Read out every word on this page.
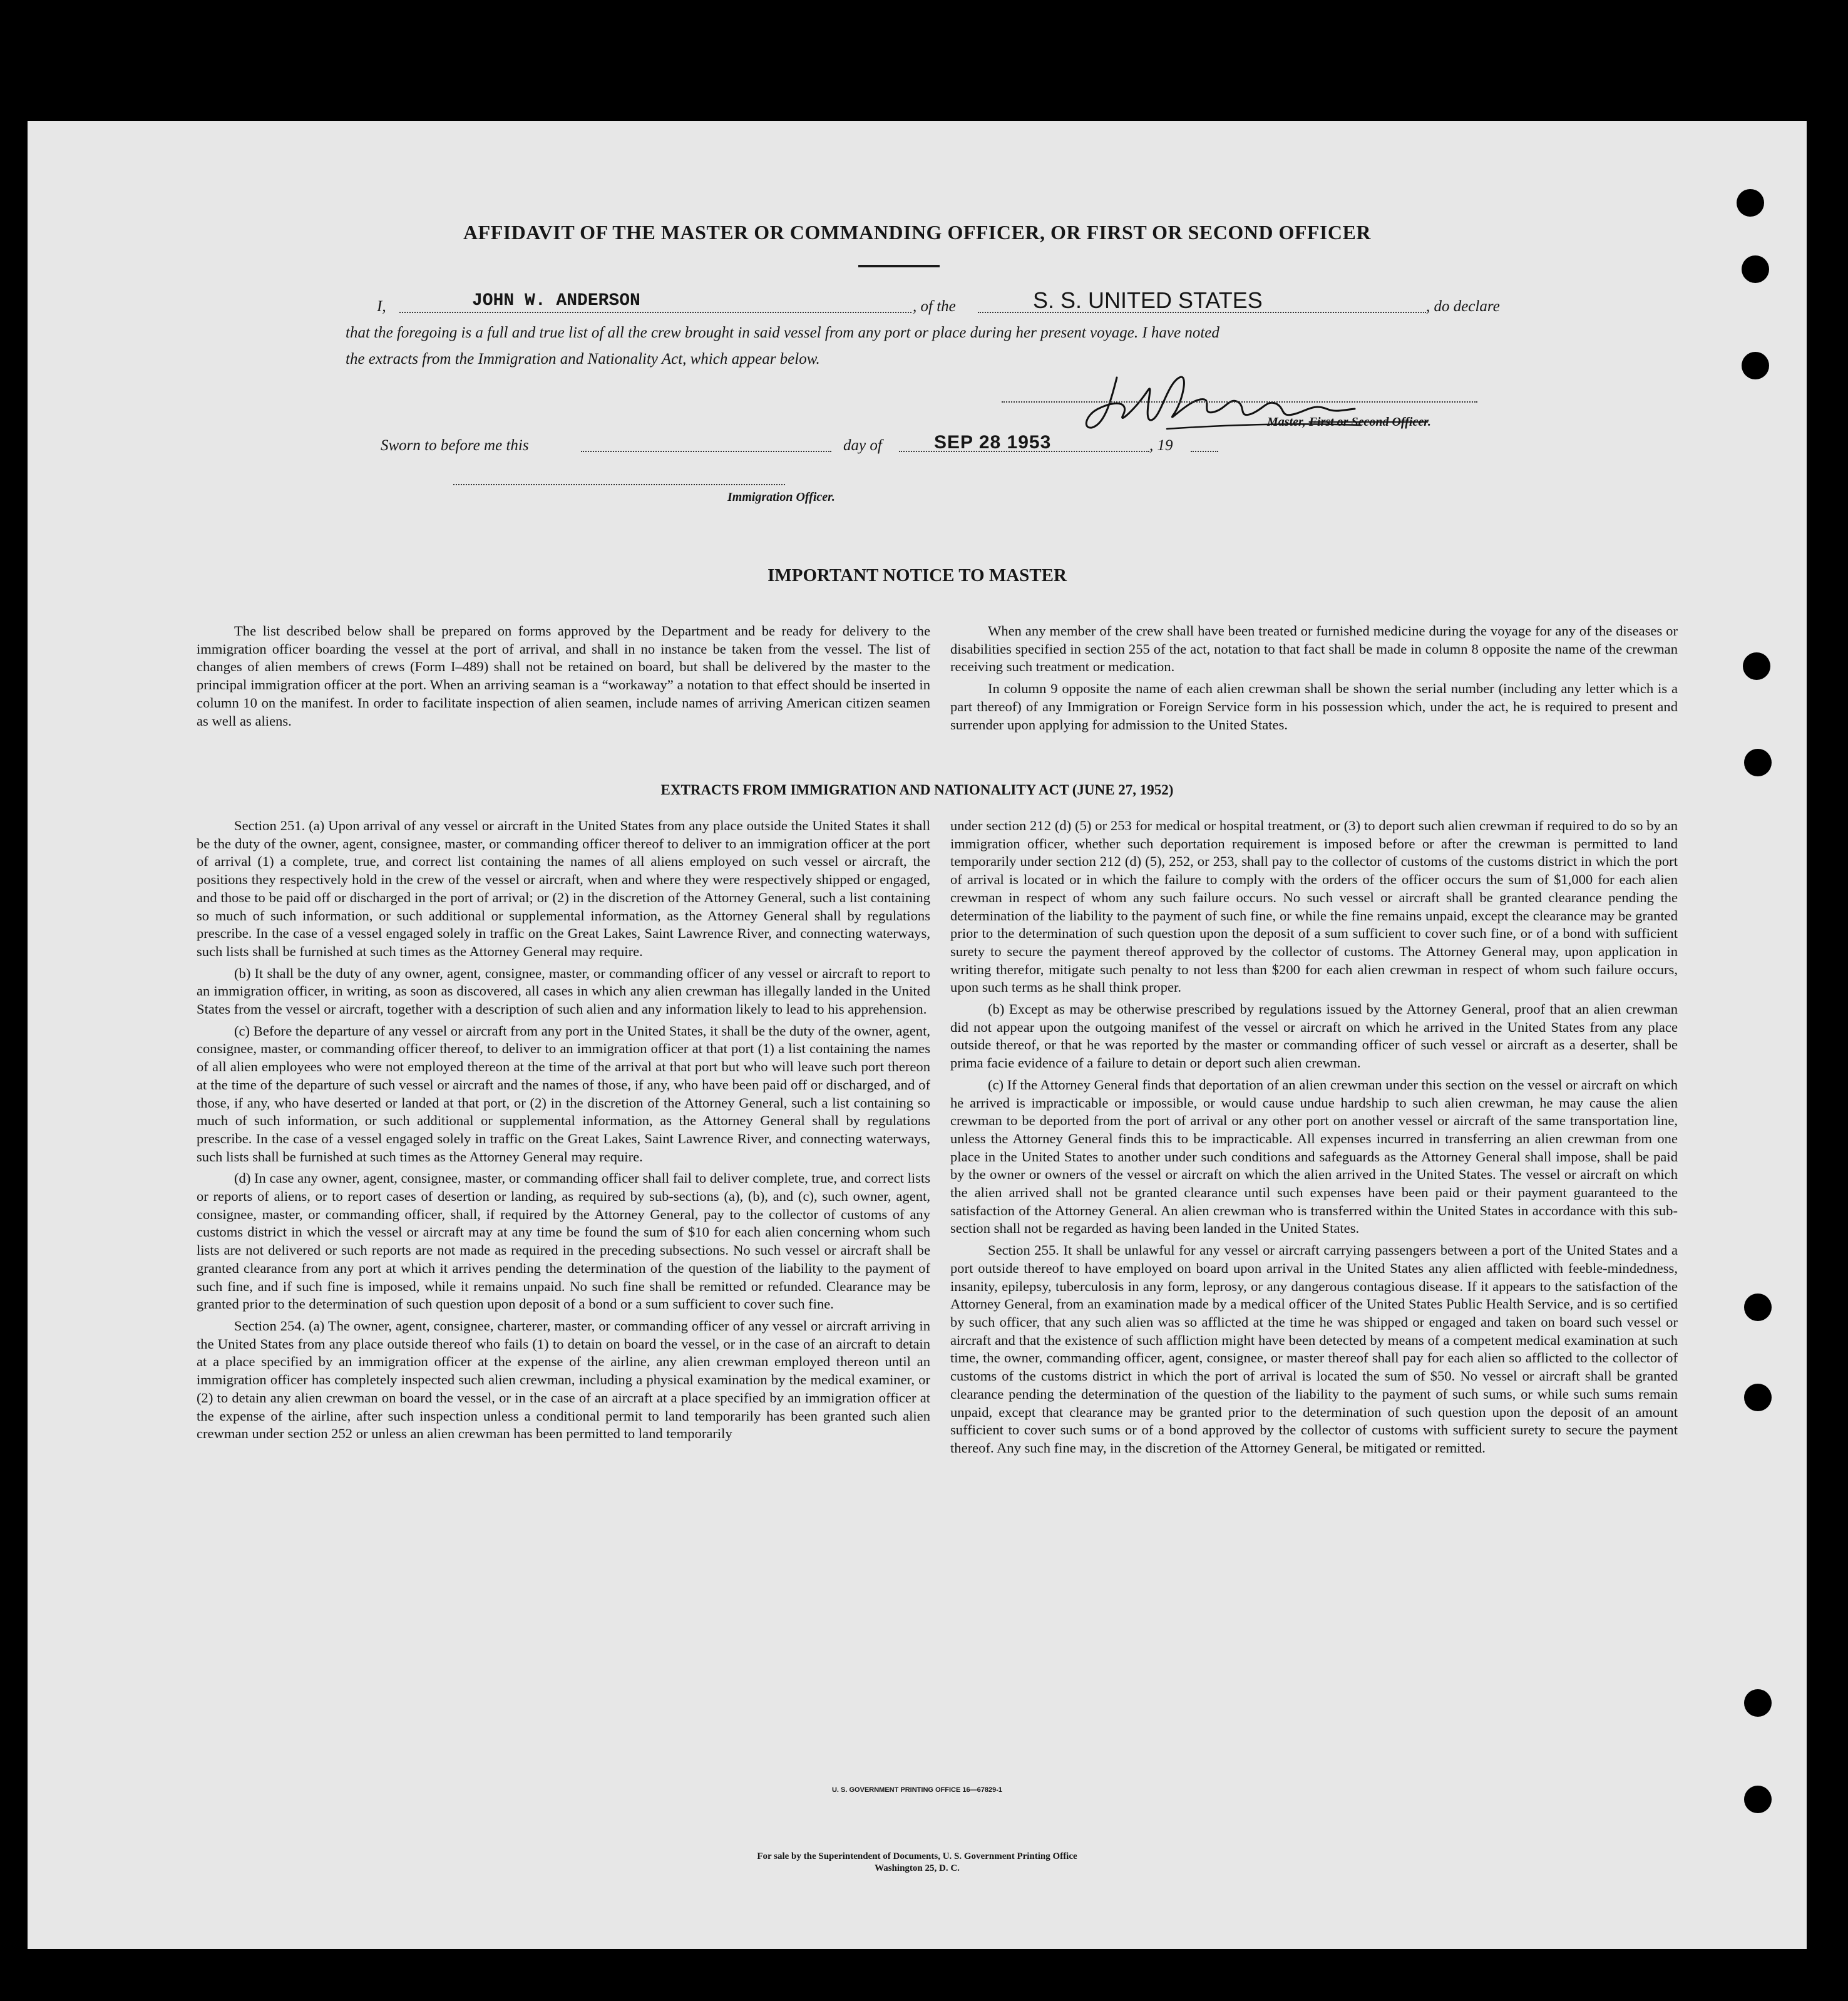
AFFIDAVIT OF THE MASTER OR COMMANDING OFFICER, OR FIRST OR SECOND OFFICER
I,	JOHN W. ANDERSON	, of the	S. S. UNITED STATES	, do declare
that the foregoing is a full and true list of all the crew brought in said vessel from any port or place during her present voyage. I have noted
the extracts from the Immigration and Nationality Act, which appear below.
Master, First or Second Officer.
Sworn to before me this	day of	SEP 28 1953	, 19
Immigration Officer.
IMPORTANT NOTICE TO MASTER

The list described below shall be prepared on forms approved by the Department and be ready for delivery to the immigration officer boarding the vessel at the port of arrival, and shall in no instance be taken from the vessel. The list of changes of alien members of crews (Form I–489) shall not be retained on board, but shall be delivered by the master to the principal immigration officer at the port. When an arriving seaman is a “workaway” a notation to that effect should be inserted in column 10 on the manifest. In order to facilitate inspection of alien seamen, include names of arriving American citizen seamen as well as aliens.

When any member of the crew shall have been treated or furnished medicine during the voyage for any of the diseases or disabilities specified in section 255 of the act, notation to that fact shall be made in column 8 opposite the name of the crewman receiving such treatment or medication.

In column 9 opposite the name of each alien crewman shall be shown the serial number (including any letter which is a part thereof) of any Immigration or Foreign Service form in his possession which, under the act, he is required to present and surrender upon applying for admission to the United States.

EXTRACTS FROM IMMIGRATION AND NATIONALITY ACT (JUNE 27, 1952)

Section 251. (a) Upon arrival of any vessel or aircraft in the United States from any place outside the United States it shall be the duty of the owner, agent, consignee, master, or commanding officer thereof to deliver to an immigration officer at the port of arrival (1) a complete, true, and correct list containing the names of all aliens employed on such vessel or aircraft, the positions they respectively hold in the crew of the vessel or aircraft, when and where they were respectively shipped or engaged, and those to be paid off or discharged in the port of arrival; or (2) in the discretion of the Attorney General, such a list containing so much of such information, or such additional or supplemental information, as the Attorney General shall by regulations prescribe. In the case of a vessel engaged solely in traffic on the Great Lakes, Saint Lawrence River, and connecting waterways, such lists shall be furnished at such times as the Attorney General may require.

(b) It shall be the duty of any owner, agent, consignee, master, or commanding officer of any vessel or aircraft to report to an immigration officer, in writing, as soon as discovered, all cases in which any alien crewman has illegally landed in the United States from the vessel or aircraft, together with a description of such alien and any information likely to lead to his apprehension.

(c) Before the departure of any vessel or aircraft from any port in the United States, it shall be the duty of the owner, agent, consignee, master, or commanding officer thereof, to deliver to an immigration officer at that port (1) a list containing the names of all alien employees who were not employed thereon at the time of the arrival at that port but who will leave such port thereon at the time of the departure of such vessel or aircraft and the names of those, if any, who have been paid off or discharged, and of those, if any, who have deserted or landed at that port, or (2) in the discretion of the Attorney General, such a list containing so much of such information, or such additional or supplemental information, as the Attorney General shall by regulations prescribe. In the case of a vessel engaged solely in traffic on the Great Lakes, Saint Lawrence River, and connecting waterways, such lists shall be furnished at such times as the Attorney General may require.

(d) In case any owner, agent, consignee, master, or commanding officer shall fail to deliver complete, true, and correct lists or reports of aliens, or to report cases of desertion or landing, as required by sub-sections (a), (b), and (c), such owner, agent, consignee, master, or commanding officer, shall, if required by the Attorney General, pay to the collector of customs of any customs district in which the vessel or aircraft may at any time be found the sum of $10 for each alien concerning whom such lists are not delivered or such reports are not made as required in the preceding subsections. No such vessel or aircraft shall be granted clearance from any port at which it arrives pending the determination of the question of the liability to the payment of such fine, and if such fine is imposed, while it remains unpaid. No such fine shall be remitted or refunded. Clearance may be granted prior to the determination of such question upon deposit of a bond or a sum sufficient to cover such fine.

Section 254. (a) The owner, agent, consignee, charterer, master, or commanding officer of any vessel or aircraft arriving in the United States from any place outside thereof who fails (1) to detain on board the vessel, or in the case of an aircraft to detain at a place specified by an immigration officer at the expense of the airline, any alien crewman employed thereon until an immigration officer has completely inspected such alien crewman, including a physical examination by the medical examiner, or (2) to detain any alien crewman on board the vessel, or in the case of an aircraft at a place specified by an immigration officer at the expense of the airline, after such inspection unless a conditional permit to land temporarily has been granted such alien crewman under section 252 or unless an alien crewman has been permitted to land temporarily

under section 212 (d) (5) or 253 for medical or hospital treatment, or (3) to deport such alien crewman if required to do so by an immigration officer, whether such deportation requirement is imposed before or after the crewman is permitted to land temporarily under section 212 (d) (5), 252, or 253, shall pay to the collector of customs of the customs district in which the port of arrival is located or in which the failure to comply with the orders of the officer occurs the sum of $1,000 for each alien crewman in respect of whom any such failure occurs. No such vessel or aircraft shall be granted clearance pending the determination of the liability to the payment of such fine, or while the fine remains unpaid, except the clearance may be granted prior to the determination of such question upon the deposit of a sum sufficient to cover such fine, or of a bond with sufficient surety to secure the payment thereof approved by the collector of customs. The Attorney General may, upon application in writing therefor, mitigate such penalty to not less than $200 for each alien crewman in respect of whom such failure occurs, upon such terms as he shall think proper.

(b) Except as may be otherwise prescribed by regulations issued by the Attorney General, proof that an alien crewman did not appear upon the outgoing manifest of the vessel or aircraft on which he arrived in the United States from any place outside thereof, or that he was reported by the master or commanding officer of such vessel or aircraft as a deserter, shall be prima facie evidence of a failure to detain or deport such alien crewman.

(c) If the Attorney General finds that deportation of an alien crewman under this section on the vessel or aircraft on which he arrived is impracticable or impossible, or would cause undue hardship to such alien crewman, he may cause the alien crewman to be deported from the port of arrival or any other port on another vessel or aircraft of the same transportation line, unless the Attorney General finds this to be impracticable. All expenses incurred in transferring an alien crewman from one place in the United States to another under such conditions and safeguards as the Attorney General shall impose, shall be paid by the owner or owners of the vessel or aircraft on which the alien arrived in the United States. The vessel or aircraft on which the alien arrived shall not be granted clearance until such expenses have been paid or their payment guaranteed to the satisfaction of the Attorney General. An alien crewman who is transferred within the United States in accordance with this sub-section shall not be regarded as having been landed in the United States.

Section 255. It shall be unlawful for any vessel or aircraft carrying passengers between a port of the United States and a port outside thereof to have employed on board upon arrival in the United States any alien afflicted with feeble-mindedness, insanity, epilepsy, tuberculosis in any form, leprosy, or any dangerous contagious disease. If it appears to the satisfaction of the Attorney General, from an examination made by a medical officer of the United States Public Health Service, and is so certified by such officer, that any such alien was so afflicted at the time he was shipped or engaged and taken on board such vessel or aircraft and that the existence of such affliction might have been detected by means of a competent medical examination at such time, the owner, commanding officer, agent, consignee, or master thereof shall pay for each alien so afflicted to the collector of customs of the customs district in which the port of arrival is located the sum of $50. No vessel or aircraft shall be granted clearance pending the determination of the question of the liability to the payment of such sums, or while such sums remain unpaid, except that clearance may be granted prior to the determination of such question upon the deposit of an amount sufficient to cover such sums or of a bond approved by the collector of customs with sufficient surety to secure the payment thereof. Any such fine may, in the discretion of the Attorney General, be mitigated or remitted.

U. S. GOVERNMENT PRINTING OFFICE 16—67829-1
For sale by the Superintendent of Documents, U. S. Government Printing Office
Washington 25, D. C.
